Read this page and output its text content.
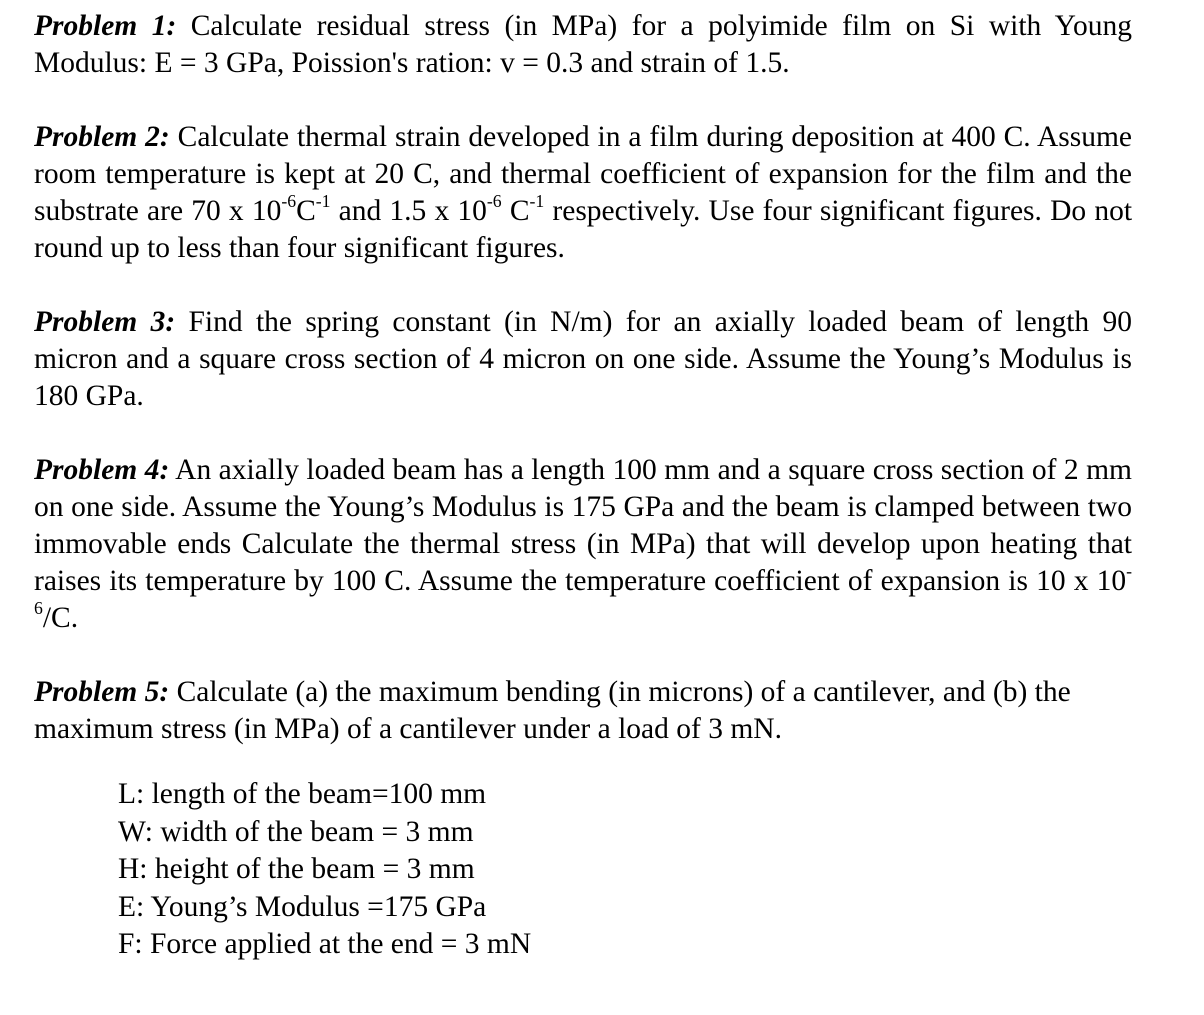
Problem 1: Calculate residual stress (in MPa) for a polyimide film on Si with Young Modulus: E = 3 GPa, Poission's ration: v = 0.3 and strain of 1.5.

Problem 2: Calculate thermal strain developed in a film during deposition at 400 C. Assume room temperature is kept at 20 C, and thermal coefficient of expansion for the film and the substrate are 70 x $10^{-6}C^{-1}$ and 1.5 x $10^{-6}$ $C^{-1}$ respectively. Use four significant figures. Do not round up to less than four significant figures.

Problem 3: Find the spring constant (in N/m) for an axially loaded beam of length 90 micron and a square cross section of 4 micron on one side. Assume the Young’s Modulus is 180 GPa.

Problem 4: An axially loaded beam has a length 100 mm and a square cross section of 2 mm on one side. Assume the Young’s Modulus is 175 GPa and the beam is clamped between two immovable ends Calculate the thermal stress (in MPa) that will develop upon heating that raises its temperature by 100 C. Assume the temperature coefficient of expansion is 10 x $10^{-6}/C$.

Problem 5: Calculate (a) the maximum bending (in microns) of a cantilever, and (b) the maximum stress (in MPa) of a cantilever under a load of 3 mN.

L: length of the beam=100 mm
W: width of the beam = 3 mm
H: height of the beam = 3 mm
E: Young’s Modulus =175 GPa
F: Force applied at the end = 3 mN
